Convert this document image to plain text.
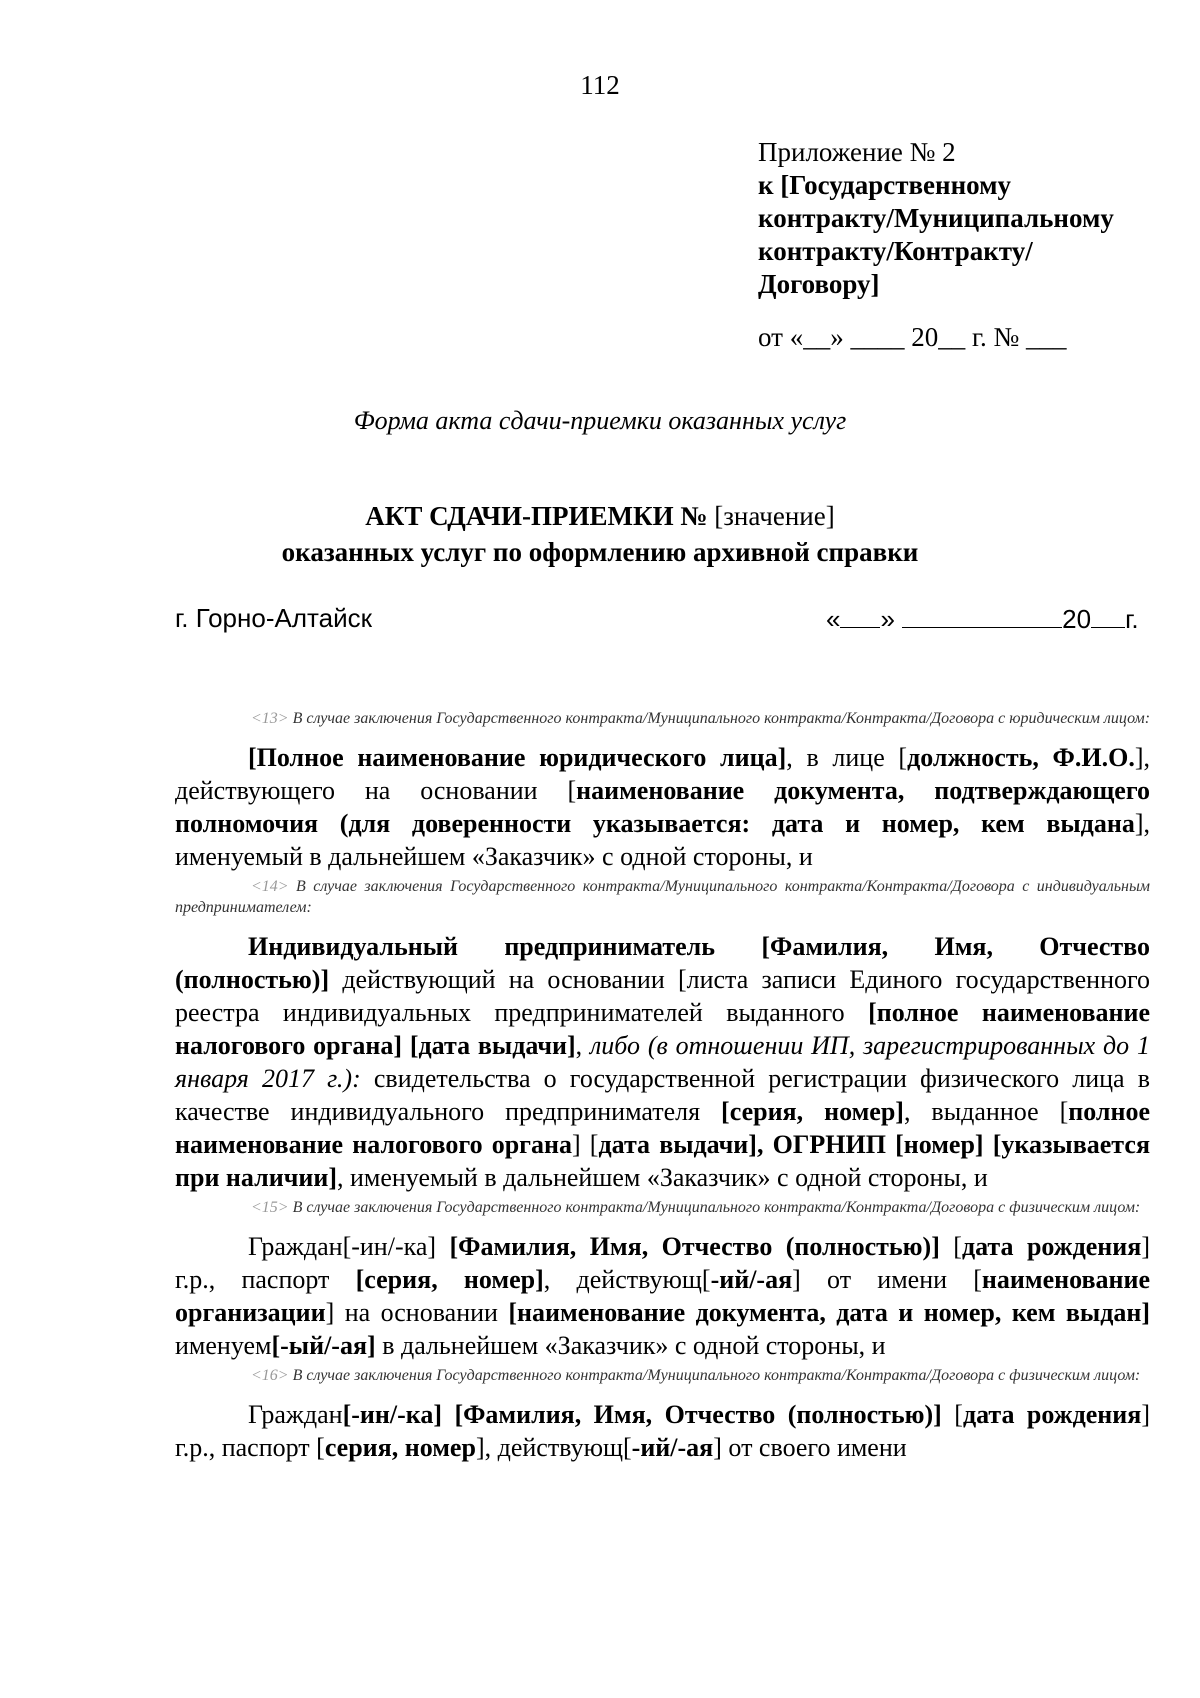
112
Приложение № 2
к [Государственному
контракту/Муниципальному
контракту/Контракту/
Договору]
от «__» ____ 20__ г. № ___
Форма акта сдачи-приемки оказанных услуг
АКТ СДАЧИ-ПРИЕМКИ № [значение]
оказанных услуг по оформлению архивной справки
г. Горно-Алтайск	« »	20 г.

<13> В случае заключения Государственного контракта/Муниципального контракта/Контракта/Договора с юридическим лицом:

[Полное наименование юридического лица], в лице [должность, Ф.И.О.], действующего на основании [наименование документа, подтверждающего полномочия (для доверенности указывается: дата и номер, кем выдана], именуемый в дальнейшем «Заказчик» с одной стороны, и

<14> В случае заключения Государственного контракта/Муниципального контракта/Контракта/Договора с индивидуальным предпринимателем:

Индивидуальный предприниматель [Фамилия, Имя, Отчество (полностью)] действующий на основании [листа записи Единого государственного реестра индивидуальных предпринимателей выданного [полное наименование налогового органа] [дата выдачи], либо (в отношении ИП, зарегистрированных до 1 января 2017 г.): свидетельства о государственной регистрации физического лица в качестве индивидуального предпринимателя [серия, номер], выданное [полное наименование налогового органа] [дата выдачи], ОГРНИП [номер] [указывается при наличии], именуемый в дальнейшем «Заказчик» с одной стороны, и

<15> В случае заключения Государственного контракта/Муниципального контракта/Контракта/Договора с физическим лицом:

Граждан[-ин/-ка] [Фамилия, Имя, Отчество (полностью)] [дата рождения] г.р., паспорт [серия, номер], действующ[-ий/-ая] от имени [наименование организации] на основании [наименование документа, дата и номер, кем выдан] именуем[-ый/-ая] в дальнейшем «Заказчик» с одной стороны, и

<16> В случае заключения Государственного контракта/Муниципального контракта/Контракта/Договора с физическим лицом:

Граждан[-ин/-ка] [Фамилия, Имя, Отчество (полностью)] [дата рождения] г.р., паспорт [серия, номер], действующ[-ий/-ая] от своего имени
